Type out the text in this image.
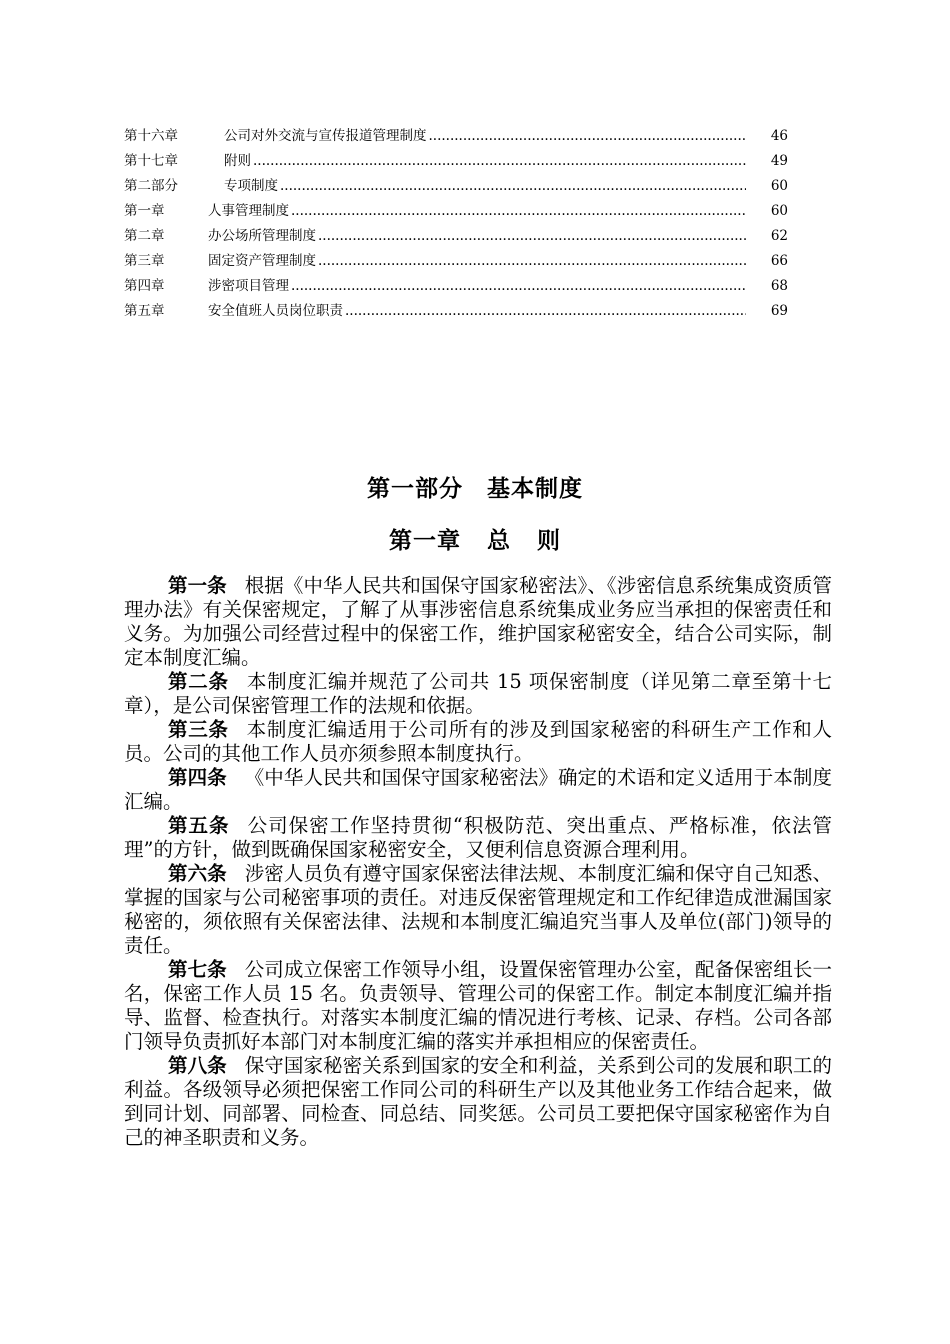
第十六章	公司对外交流与宣传报道管理制度 .....	46
第十七章	附则 .....	49
第二部分	专项制度 .....	60
第一章	人事管理制度 .....	60
第二章	办公场所管理制度 .....	62
第三章	固定资产管理制度 .....	66
第四章	涉密项目管理 .....	68
第五章	安全值班人员岗位职责 .....	69
第一部分 基本制度
第一章 总 则

第一条 根据《中华人民共和国保守国家秘密法》、《涉密信息系统集成资质管理办法》有关保密规定，了解了从事涉密信息系统集成业务应当承担的保密责任和义务。为加强公司经营过程中的保密工作，维护国家秘密安全，结合公司实际，制定本制度汇编。

第二条 本制度汇编并规范了公司共 15 项保密制度（详见第二章至第十七章），是公司保密管理工作的法规和依据。

第三条 本制度汇编适用于公司所有的涉及到国家秘密的科研生产工作和人员。公司的其他工作人员亦须参照本制度执行。

第四条 《中华人民共和国保守国家秘密法》确定的术语和定义适用于本制度汇编。

第五条 公司保密工作坚持贯彻“积极防范、突出重点、严格标准，依法管理”的方针，做到既确保国家秘密安全，又便利信息资源合理利用。

第六条 涉密人员负有遵守国家保密法律法规、本制度汇编和保守自己知悉、掌握的国家与公司秘密事项的责任。对违反保密管理规定和工作纪律造成泄漏国家秘密的，须依照有关保密法律、法规和本制度汇编追究当事人及单位(部门)领导的责任。

第七条 公司成立保密工作领导小组，设置保密管理办公室，配备保密组长一名，保密工作人员 15 名。负责领导、管理公司的保密工作。制定本制度汇编并指导、监督、检查执行。对落实本制度汇编的情况进行考核、记录、存档。公司各部门领导负责抓好本部门对本制度汇编的落实并承担相应的保密责任。

第八条 保守国家秘密关系到国家的安全和利益，关系到公司的发展和职工的利益。各级领导必须把保密工作同公司的科研生产以及其他业务工作结合起来，做到同计划、同部署、同检查、同总结、同奖惩。公司员工要把保守国家秘密作为自己的神圣职责和义务。
